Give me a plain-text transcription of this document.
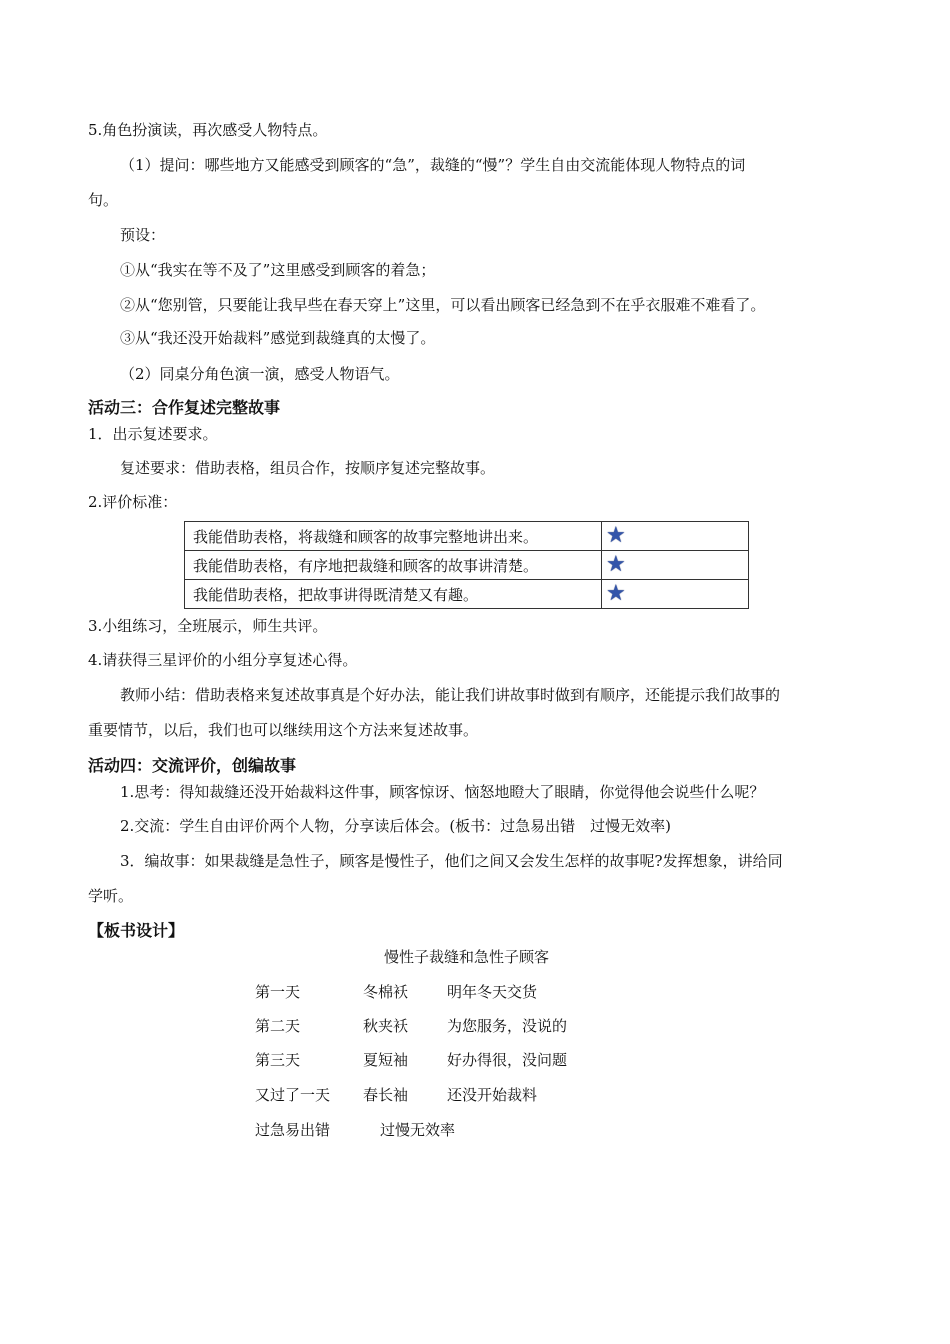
5.角色扮演读，再次感受人物特点。
（1）提问：哪些地方又能感受到顾客的“急”，裁缝的“慢”？学生自由交流能体现人物特点的词
句。
预设：
①从“我实在等不及了”这里感受到顾客的着急；
②从“您别管，只要能让我早些在春天穿上”这里，可以看出顾客已经急到不在乎衣服难不难看了。
③从“我还没开始裁料”感觉到裁缝真的太慢了。
（2）同桌分角色演一演，感受人物语气。
活动三：合作复述完整故事
1．出示复述要求。
复述要求：借助表格，组员合作，按顺序复述完整故事。
2.评价标准：
我能借助表格，将裁缝和顾客的故事完整地讲出来。	★
我能借助表格，有序地把裁缝和顾客的故事讲清楚。	★
我能借助表格，把故事讲得既清楚又有趣。	★
3.小组练习，全班展示，师生共评。
4.请获得三星评价的小组分享复述心得。
教师小结：借助表格来复述故事真是个好办法，能让我们讲故事时做到有顺序，还能提示我们故事的
重要情节，以后，我们也可以继续用这个方法来复述故事。
活动四：交流评价，创编故事
1.思考：得知裁缝还没开始裁料这件事，顾客惊讶、恼怒地瞪大了眼睛，你觉得他会说些什么呢？
2.交流：学生自由评价两个人物，分享读后体会。(板书：过急易出错　过慢无效率)
3．编故事：如果裁缝是急性子，顾客是慢性子，他们之间又会发生怎样的故事呢?发挥想象，讲给同
学听。
【板书设计】
慢性子裁缝和急性子顾客
第一天	冬棉袄	明年冬天交货
第二天	秋夹袄	为您服务，没说的
第三天	夏短袖	好办得很，没问题
又过了一天 春长袖	还没开始裁料
过急易出错	过慢无效率
